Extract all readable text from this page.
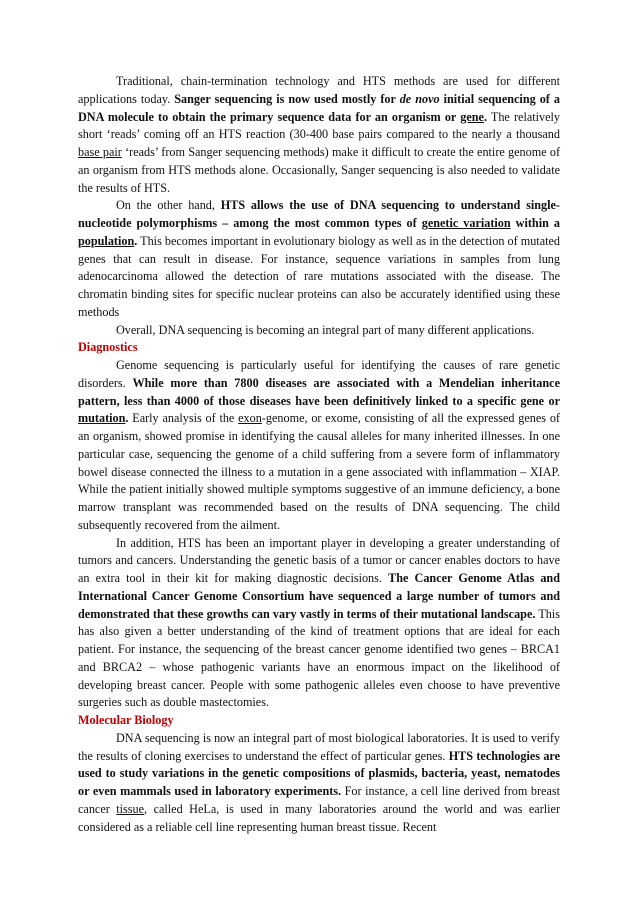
Traditional, chain-termination technology and HTS methods are used for different applications today. Sanger sequencing is now used mostly for de novo initial sequencing of a DNA molecule to obtain the primary sequence data for an organism or gene. The relatively short ‘reads’ coming off an HTS reaction (30-400 base pairs compared to the nearly a thousand base pair ‘reads’ from Sanger sequencing methods) make it difficult to create the entire genome of an organism from HTS methods alone. Occasionally, Sanger sequencing is also needed to validate the results of HTS.

On the other hand, HTS allows the use of DNA sequencing to understand single-nucleotide polymorphisms – among the most common types of genetic variation within a population. This becomes important in evolutionary biology as well as in the detection of mutated genes that can result in disease. For instance, sequence variations in samples from lung adenocarcinoma allowed the detection of rare mutations associated with the disease. The chromatin binding sites for specific nuclear proteins can also be accurately identified using these methods

Overall, DNA sequencing is becoming an integral part of many different applications.

Diagnostics

Genome sequencing is particularly useful for identifying the causes of rare genetic disorders. While more than 7800 diseases are associated with a Mendelian inheritance pattern, less than 4000 of those diseases have been definitively linked to a specific gene or mutation. Early analysis of the exon-genome, or exome, consisting of all the expressed genes of an organism, showed promise in identifying the causal alleles for many inherited illnesses. In one particular case, sequencing the genome of a child suffering from a severe form of inflammatory bowel disease connected the illness to a mutation in a gene associated with inflammation – XIAP. While the patient initially showed multiple symptoms suggestive of an immune deficiency, a bone marrow transplant was recommended based on the results of DNA sequencing. The child subsequently recovered from the ailment.

In addition, HTS has been an important player in developing a greater understanding of tumors and cancers. Understanding the genetic basis of a tumor or cancer enables doctors to have an extra tool in their kit for making diagnostic decisions. The Cancer Genome Atlas and International Cancer Genome Consortium have sequenced a large number of tumors and demonstrated that these growths can vary vastly in terms of their mutational landscape. This has also given a better understanding of the kind of treatment options that are ideal for each patient. For instance, the sequencing of the breast cancer genome identified two genes – BRCA1 and BRCA2 – whose pathogenic variants have an enormous impact on the likelihood of developing breast cancer. People with some pathogenic alleles even choose to have preventive surgeries such as double mastectomies.

Molecular Biology

DNA sequencing is now an integral part of most biological laboratories. It is used to verify the results of cloning exercises to understand the effect of particular genes. HTS technologies are used to study variations in the genetic compositions of plasmids, bacteria, yeast, nematodes or even mammals used in laboratory experiments. For instance, a cell line derived from breast cancer tissue, called HeLa, is used in many laboratories around the world and was earlier considered as a reliable cell line representing human breast tissue. Recent
